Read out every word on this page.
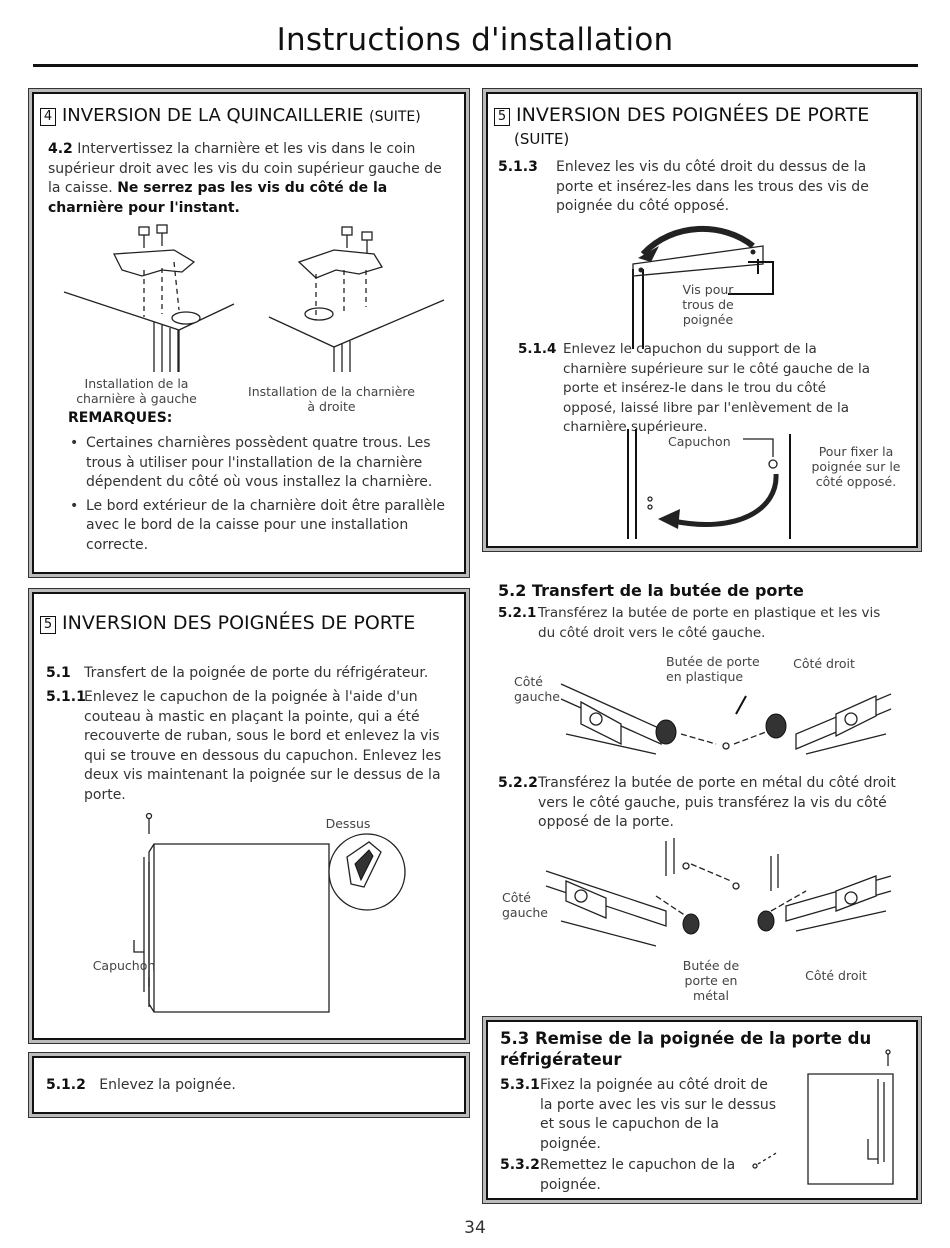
Instructions d'installation
4 INVERSION DE LA QUINCAILLERIE (SUITE)
4.2 Intervertissez la charnière et les vis dans le coin supérieur droit avec les vis du coin supérieur gauche de la caisse. Ne serrez pas les vis du côté de la charnière pour l'instant.
Installation de la charnière à gauche	Installation de la charnière à droite
REMARQUES:
• Certaines charnières possèdent quatre trous. Les trous à utiliser pour l'installation de la charnière dépendent du côté où vous installez la charnière.
• Le bord extérieur de la charnière doit être parallèle avec le bord de la caisse pour une installation correcte.
5 INVERSION DES POIGNÉES DE PORTE
5.1 Transfert de la poignée de porte du réfrigérateur.
5.1.1
Enlevez le capuchon de la poignée à l'aide d'un couteau à mastic en plaçant la pointe, qui a été recouverte de ruban, sous le bord et enlevez la vis qui se trouve en dessous du capuchon. Enlevez les deux vis maintenant la poignée sur le dessus de la porte.
Dessus
Capuchon
5.1.2 Enlevez la poignée.
5 INVERSION DES POIGNÉES DE PORTE
(SUITE)
5.1.3 Enlevez les vis du côté droit du dessus de la porte et insérez-les dans les trous des vis de poignée du côté opposé.
Vis pour trous de poignée
5.1.4 Enlevez le capuchon du support de la charnière supérieure sur le côté gauche de la porte et insérez-le dans le trou du côté opposé, laissé libre par l'enlèvement de la charnière supérieure.
Capuchon
Pour fixer la poignée sur le côté opposé.
5.2 Transfert de la butée de porte
5.2.1 Transférez la butée de porte en plastique et les vis du côté droit vers le côté gauche.
Côté gauche
Butée de porte en plastique
Côté droit
5.2.2 Transférez la butée de porte en métal du côté droit vers le côté gauche, puis transférez la vis du côté opposé de la porte.
Côté gauche
Butée de porte en métal
Côté droit
5.3 Remise de la poignée de la porte du réfrigérateur
5.3.1 Fixez la poignée au côté droit de la porte avec les vis sur le dessus et sous le capuchon de la poignée.
5.3.2 Remettez le capuchon de la poignée.
34
